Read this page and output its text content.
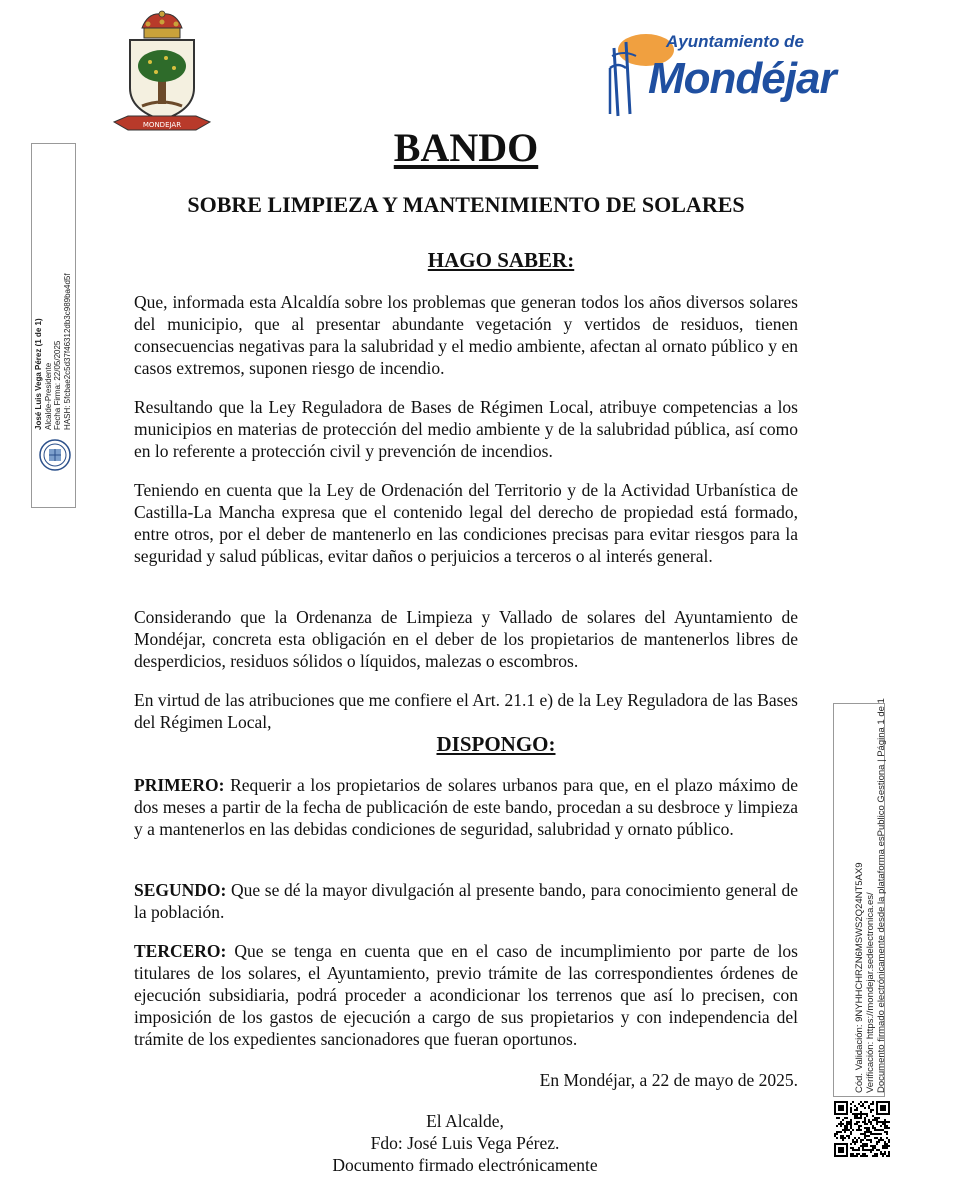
MONDEJAR
Ayuntamiento de
Mondéjar
BANDO
SOBRE LIMPIEZA Y MANTENIMIENTO DE SOLARES
HAGO SABER:

Que, informada esta Alcaldía sobre los problemas que generan todos los años diversos solares del municipio, que al presentar abundante vegetación y vertidos de residuos, tienen consecuencias negativas para la salubridad y el medio ambiente, afectan al ornato público y en casos extremos, suponen riesgo de incendio.

Resultando que la Ley Reguladora de Bases de Régimen Local, atribuye competencias a los municipios en materias de protección del medio ambiente y de la salubridad pública, así como en lo referente a protección civil y prevención de incendios.

Teniendo en cuenta que la Ley de Ordenación del Territorio y de la Actividad Urbanística de Castilla-La Mancha expresa que el contenido legal del derecho de propiedad está formado, entre otros, por el deber de mantenerlo en las condiciones precisas para evitar riesgos para la seguridad y salud públicas, evitar daños o perjuicios a terceros o al interés general.

Considerando que la Ordenanza de Limpieza y Vallado de solares del Ayuntamiento de Mondéjar, concreta esta obligación en el deber de los propietarios de mantenerlos libres de desperdicios, residuos sólidos o líquidos, malezas o escombros.

En virtud de las atribuciones que me confiere el Art. 21.1 e) de la Ley Reguladora de las Bases del Régimen Local,

DISPONGO:

PRIMERO: Requerir a los propietarios de solares urbanos para que, en el plazo máximo de dos meses a partir de la fecha de publicación de este bando, procedan a su desbroce y limpieza y a mantenerlos en las debidas condiciones de seguridad, salubridad y ornato público.

SEGUNDO: Que se dé la mayor divulgación al presente bando, para conocimiento general de la población.

TERCERO: Que se tenga en cuenta que en el caso de incumplimiento por parte de los titulares de los solares, el Ayuntamiento, previo trámite de las correspondientes órdenes de ejecución subsidiaria, podrá proceder a acondicionar los terrenos que así lo precisen, con imposición de los gastos de ejecución a cargo de sus propietarios y con independencia del trámite de los expedientes sancionadores que fueran oportunos.

En Mondéjar, a 22 de mayo de 2025.
El Alcalde,
Fdo: José Luis Vega Pérez.
Documento firmado electrónicamente
José Luis Vega Pérez (1 de 1) Alcalde-Presidente Fecha Firma: 22/05/2025 HASH: 5fcbae2c5d37f46312db3c989ba4d5f
Cód. Validación: 9NYHHCHRZN6MSWS2Q24NT5AX9 Verificación: https://mondejar.sedelectronica.es/ Documento firmado electrónicamente desde la plataforma esPublico Gestiona | Página 1 de 1
